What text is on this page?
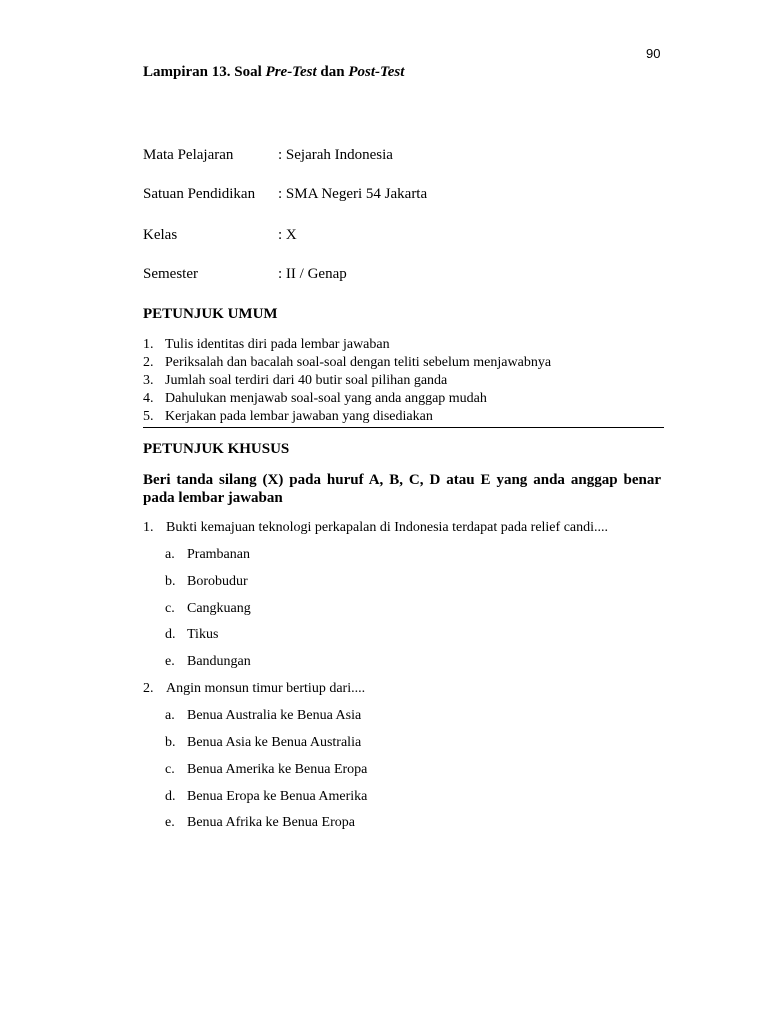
90
Lampiran 13. Soal Pre-Test dan Post-Test
Mata Pelajaran	: Sejarah Indonesia
Satuan Pendidikan : SMA Negeri 54 Jakarta
Kelas	: X
Semester	: II / Genap
PETUNJUK UMUM
1. Tulis identitas diri pada lembar jawaban
2. Periksalah dan bacalah soal-soal dengan teliti sebelum menjawabnya
3. Jumlah soal terdiri dari 40 butir soal pilihan ganda
4. Dahulukan menjawab soal-soal yang anda anggap mudah
5. Kerjakan pada lembar jawaban yang disediakan
PETUNJUK KHUSUS
Beri tanda silang (X) pada huruf A, B, C, D atau E yang anda anggap benar
pada lembar jawaban
1. Bukti kemajuan teknologi perkapalan di Indonesia terdapat pada relief candi....
a. Prambanan
b. Borobudur
c. Cangkuang
d. Tikus
e. Bandungan
2. Angin monsun timur bertiup dari....
a. Benua Australia ke Benua Asia
b. Benua Asia ke Benua Australia
c. Benua Amerika ke Benua Eropa
d. Benua Eropa ke Benua Amerika
e. Benua Afrika ke Benua Eropa
